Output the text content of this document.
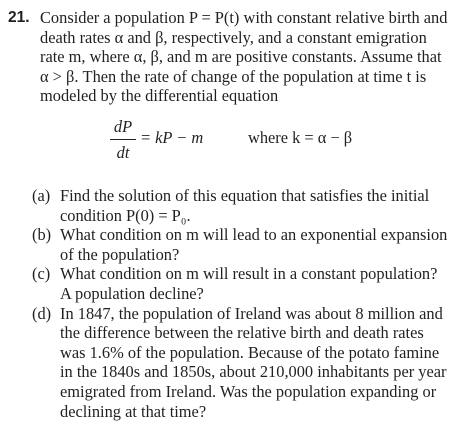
21. Consider a population P = P(t) with constant relative birth and
death rates α and β, respectively, and a constant emigration
rate m, where α, β, and m are positive constants. Assume that
α > β. Then the rate of change of the population at time t is
modeled by the differential equation
dP
dt
= kP − m	where k = α − β
(a) Find the solution of this equation that satisfies the initial
condition P(0) = P₀.
(b) What condition on m will lead to an exponential expansion
of the population?
(c) What condition on m will result in a constant population?
A population decline?
(d) In 1847, the population of Ireland was about 8 million and
the difference between the relative birth and death rates
was 1.6% of the population. Because of the potato famine
in the 1840s and 1850s, about 210,000 inhabitants per year
emigrated from Ireland. Was the population expanding or
declining at that time?
